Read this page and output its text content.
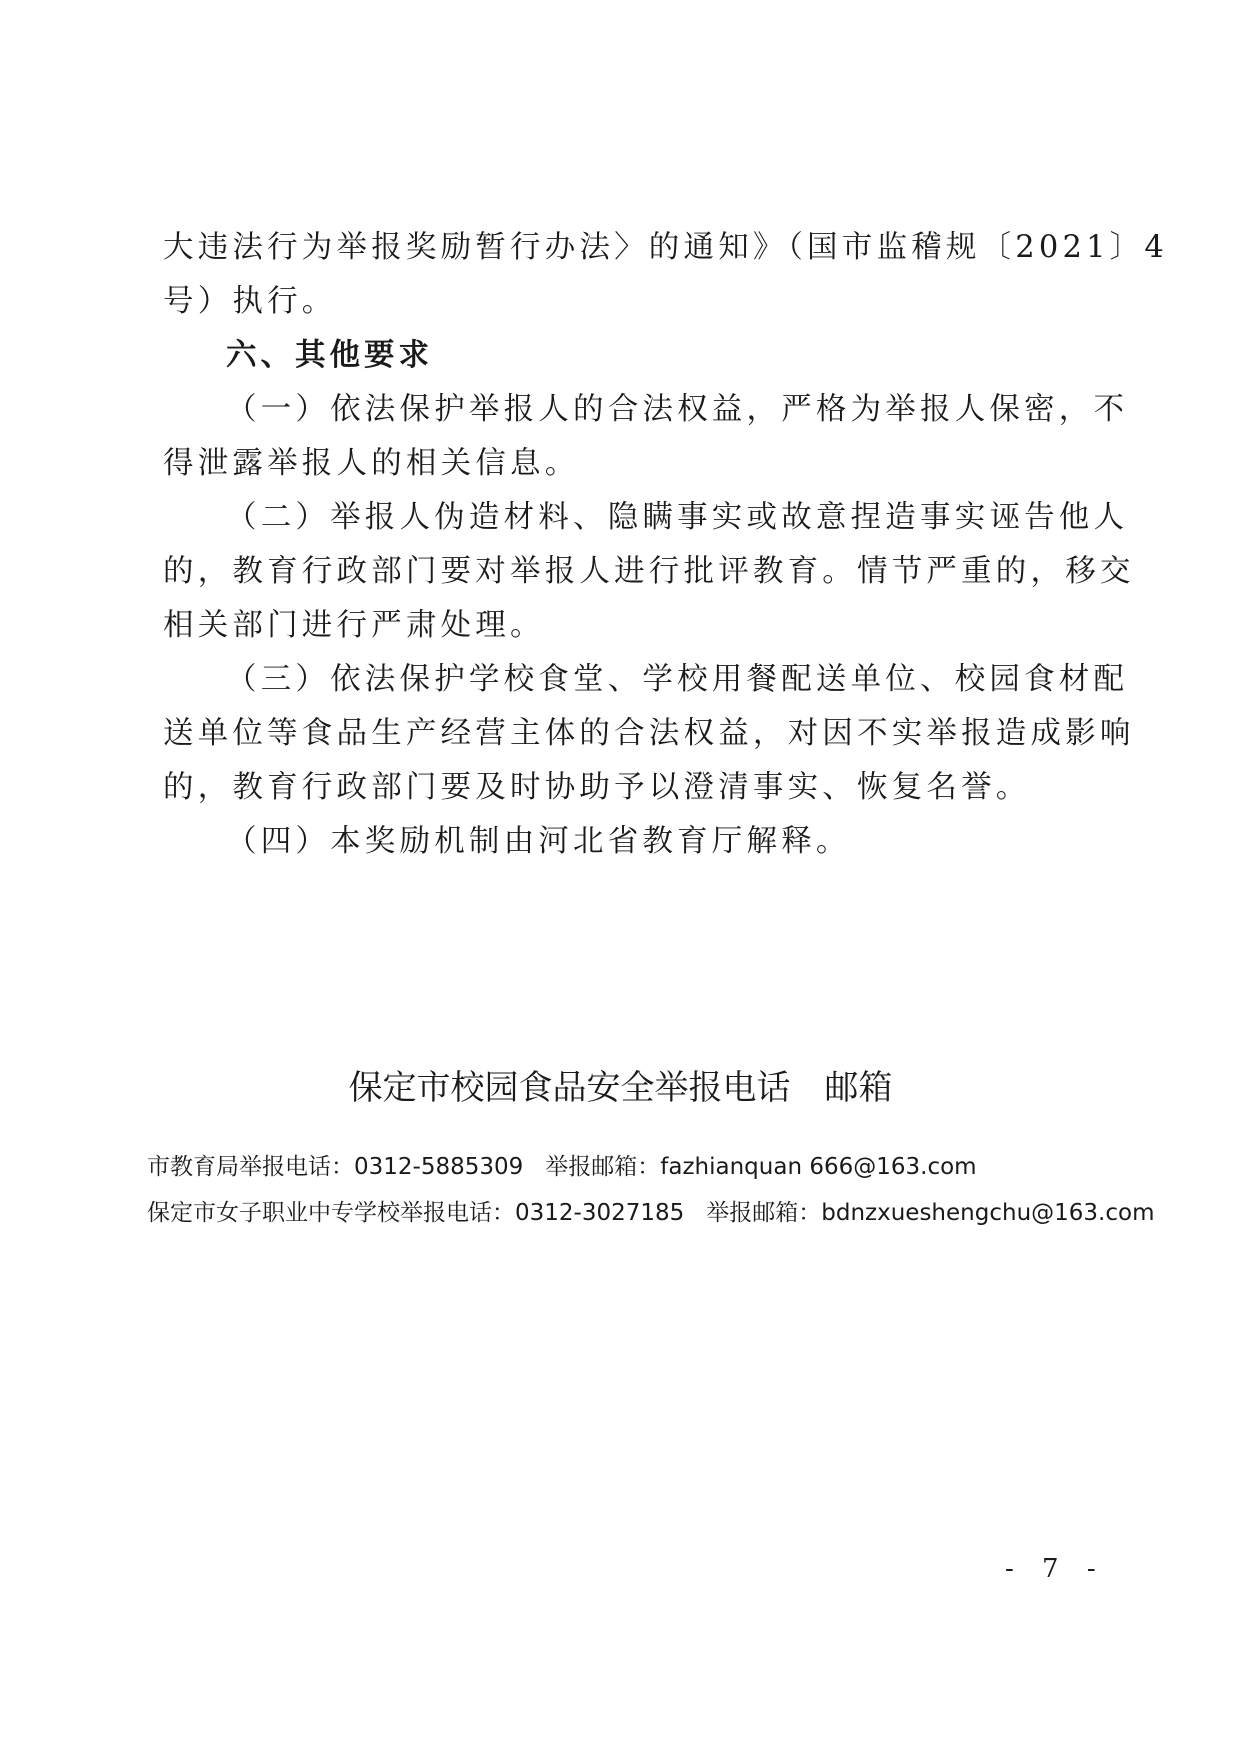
大违法行为举报奖励暂行办法〉的通知》（国市监稽规〔2021〕4
号）执行。
六、其他要求
（一）依法保护举报人的合法权益，严格为举报人保密，不
得泄露举报人的相关信息。
（二）举报人伪造材料、隐瞒事实或故意捏造事实诬告他人
的，教育行政部门要对举报人进行批评教育。情节严重的，移交
相关部门进行严肃处理。
（三）依法保护学校食堂、学校用餐配送单位、校园食材配
送单位等食品生产经营主体的合法权益，对因不实举报造成影响
的，教育行政部门要及时协助予以澄清事实、恢复名誉。
（四）本奖励机制由河北省教育厅解释。
保定市校园食品安全举报电话 邮箱
市教育局举报电话：0312-5885309 举报邮箱：fazhianquan 666@163.com
保定市女子职业中专学校举报电话：0312-3027185 举报邮箱：bdnzxueshengchu@163.com
- 7 -
